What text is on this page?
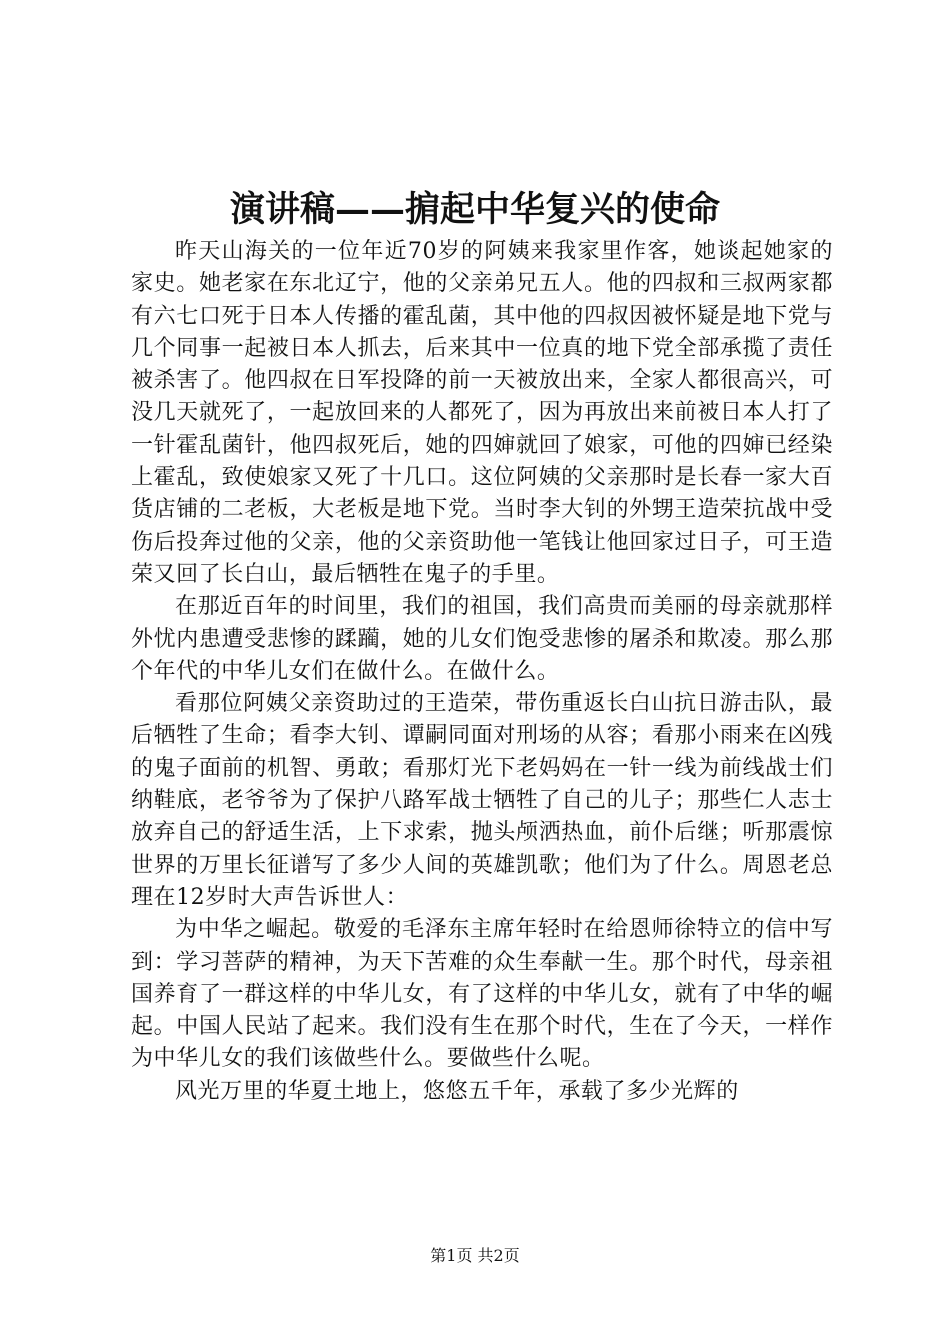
演讲稿——掮起中华复兴的使命

昨天山海关的一位年近70岁的阿姨来我家里作客，她谈起她家的家史。她老家在东北辽宁，他的父亲弟兄五人。他的四叔和三叔两家都有六七口死于日本人传播的霍乱菌，其中他的四叔因被怀疑是地下党与几个同事一起被日本人抓去，后来其中一位真的地下党全部承揽了责任被杀害了。他四叔在日军投降的前一天被放出来，全家人都很高兴，可没几天就死了，一起放回来的人都死了，因为再放出来前被日本人打了一针霍乱菌针，他四叔死后，她的四婶就回了娘家，可他的四婶已经染上霍乱，致使娘家又死了十几口。这位阿姨的父亲那时是长春一家大百货店铺的二老板，大老板是地下党。当时李大钊的外甥王造荣抗战中受伤后投奔过他的父亲，他的父亲资助他一笔钱让他回家过日子，可王造荣又回了长白山，最后牺牲在鬼子的手里。

在那近百年的时间里，我们的祖国，我们高贵而美丽的母亲就那样外忧内患遭受悲惨的蹂躏，她的儿女们饱受悲惨的屠杀和欺凌。那么那个年代的中华儿女们在做什么。在做什么。

看那位阿姨父亲资助过的王造荣，带伤重返长白山抗日游击队，最后牺牲了生命；看李大钊、谭嗣同面对刑场的从容；看那小雨来在凶残的鬼子面前的机智、勇敢；看那灯光下老妈妈在一针一线为前线战士们纳鞋底，老爷爷为了保护八路军战士牺牲了自己的儿子；那些仁人志士放弃自己的舒适生活，上下求索，抛头颅洒热血，前仆后继；听那震惊世界的万里长征谱写了多少人间的英雄凯歌；他们为了什么。周恩老总理在12岁时大声告诉世人：

为中华之崛起。敬爱的毛泽东主席年轻时在给恩师徐特立的信中写到：学习菩萨的精神，为天下苦难的众生奉献一生。那个时代，母亲祖国养育了一群这样的中华儿女，有了这样的中华儿女，就有了中华的崛起。中国人民站了起来。我们没有生在那个时代，生在了今天，一样作为中华儿女的我们该做些什么。要做些什么呢。

风光万里的华夏土地上，悠悠五千年，承载了多少光辉的

第1页 共2页
